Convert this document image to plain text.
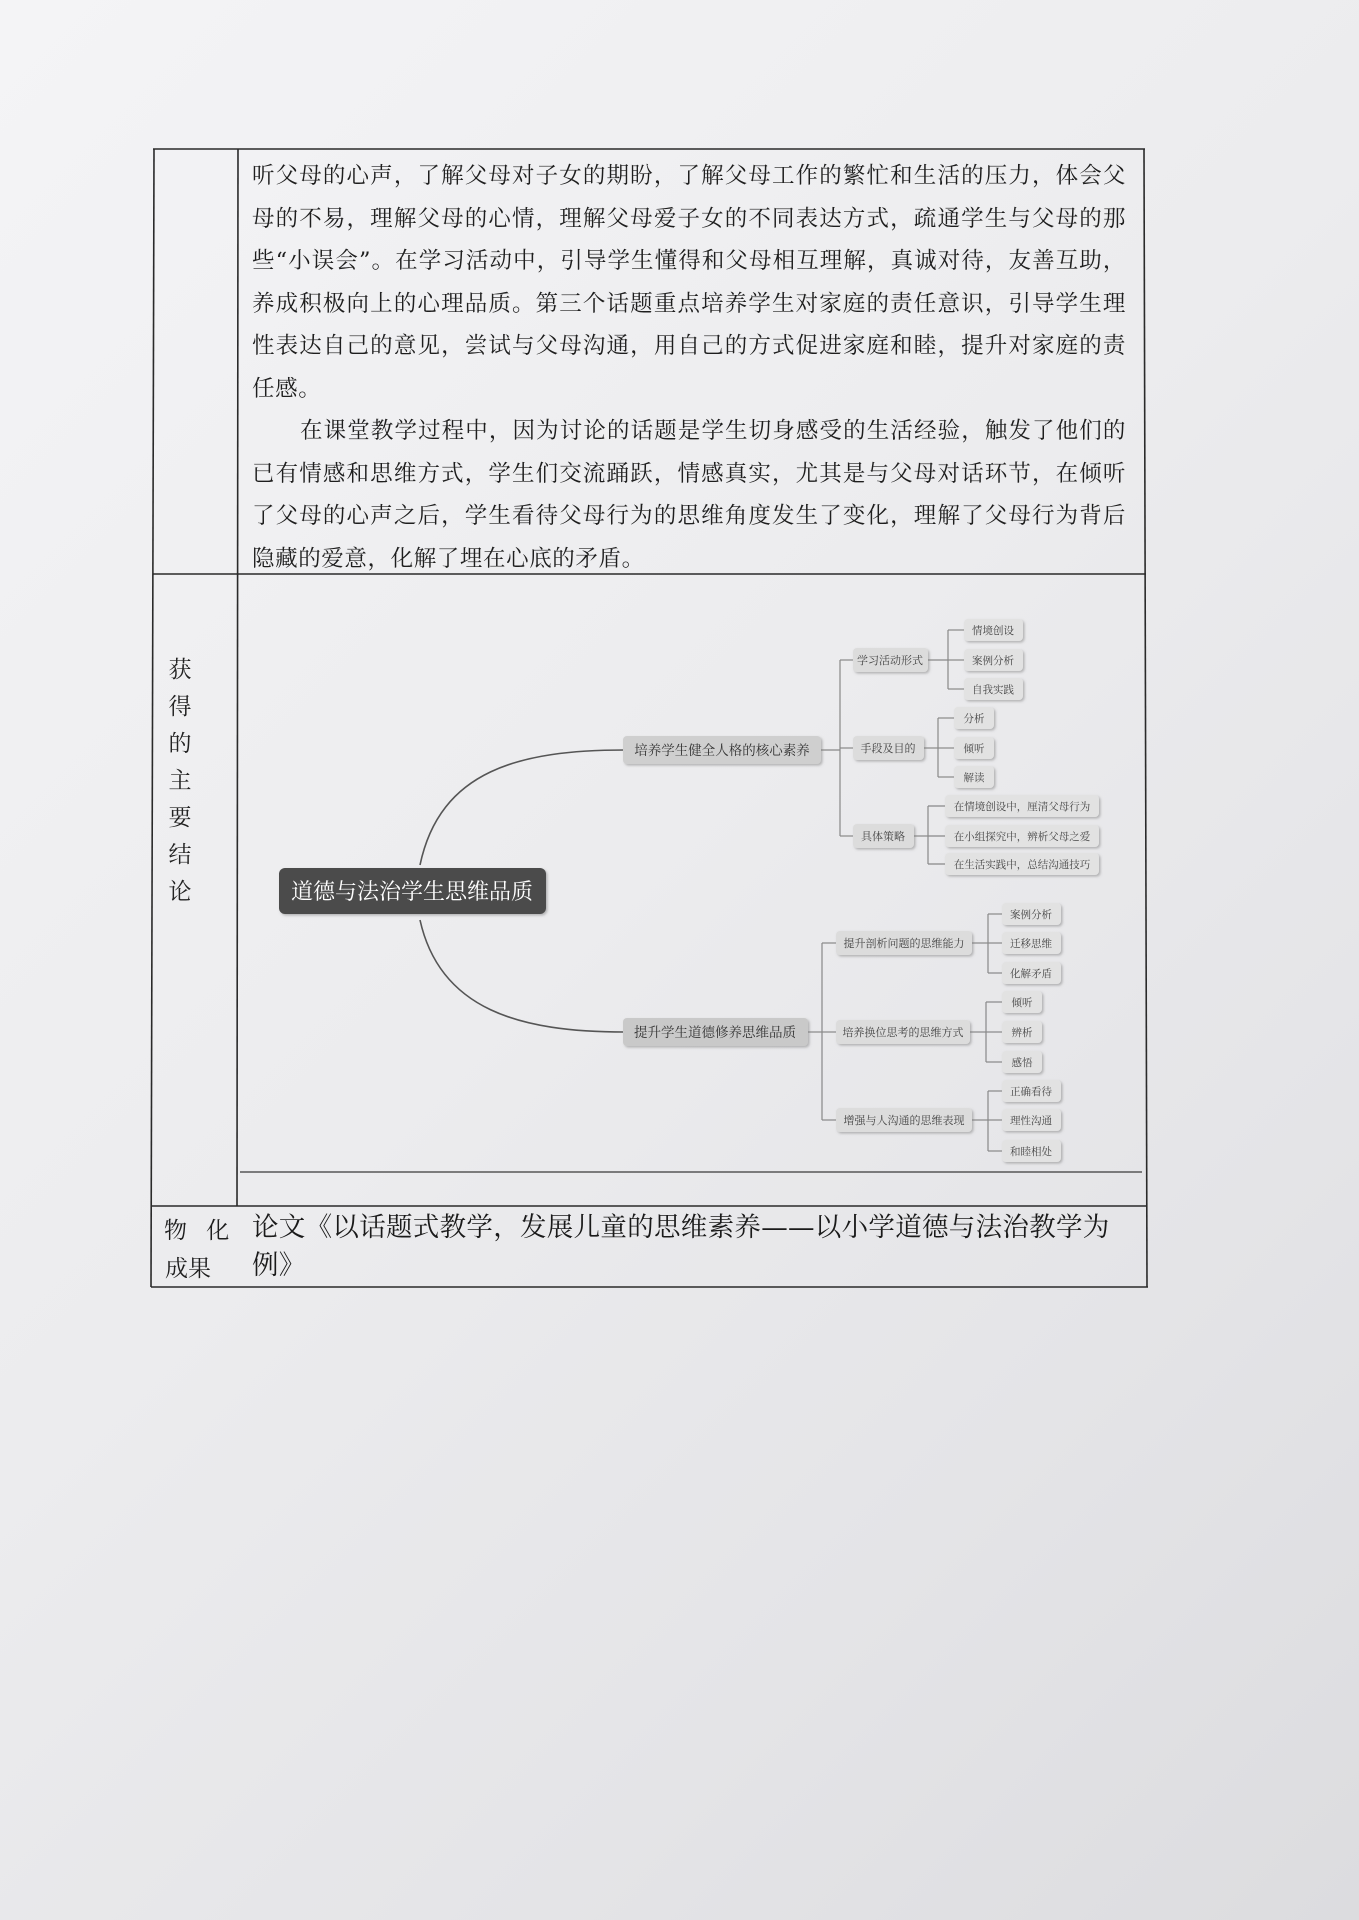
听父母的心声，了解父母对子女的期盼，了解父母工作的繁忙和生活的压力，体会父母的不易，理解父母的心情，理解父母爱子女的不同表达方式，疏通学生与父母的那些“小误会”。在学习活动中，引导学生懂得和父母相互理解，真诚对待，友善互助，养成积极向上的心理品质。第三个话题重点培养学生对家庭的责任意识，引导学生理性表达自己的意见，尝试与父母沟通，用自己的方式促进家庭和睦，提升对家庭的责任感。

在课堂教学过程中，因为讨论的话题是学生切身感受的生活经验，触发了他们的已有情感和思维方式，学生们交流踊跃，情感真实，尤其是与父母对话环节，在倾听了父母的心声之后，学生看待父母行为的思维角度发生了变化，理解了父母行为背后隐藏的爱意，化解了埋在心底的矛盾。

获
得
的
主
要
结
论	道德与法治学生思维品质
培养学生健全人格的核心素养
学习活动形式
手段及目的
具体策略
情境创设
案例分析
自我实践
分析
倾听
解读
在情境创设中，厘清父母行为
在小组探究中，辨析父母之爱
在生活实践中，总结沟通技巧
提升学生道德修养思维品质
提升剖析问题的思维能力
培养换位思考的思维方式
增强与人沟通的思维表现
案例分析
迁移思维
化解矛盾
倾听
辨析
感悟
正确看待
理性沟通
和睦相处
物 化
成果
论文《以话题式教学，发展儿童的思维素养——以小学道德与法治教学为例》
